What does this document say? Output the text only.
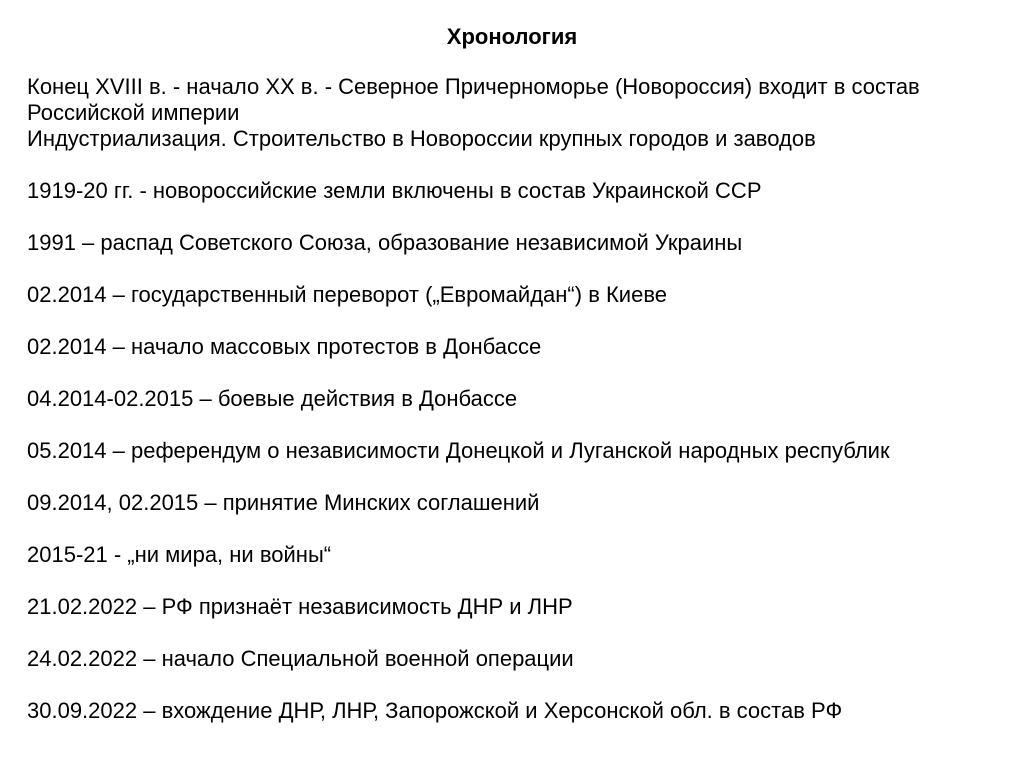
Хронология
Конец XVIII в. - начало XX в. - Северное Причерноморье (Новороссия) входит в состав
Российской империи
Индустриализация. Строительство в Новороссии крупных городов и заводов
1919-20 гг. - новороссийские земли включены в состав Украинской ССР
1991 – распад Советского Союза, образование независимой Украины
02.2014 – государственный переворот („Евромайдан“) в Киеве
02.2014 – начало массовых протестов в Донбассе
04.2014-02.2015 – боевые действия в Донбассе
05.2014 – референдум о независимости Донецкой и Луганской народных республик
09.2014, 02.2015 – принятие Минских соглашений
2015-21 - „ни мира, ни войны“
21.02.2022 – РФ признаёт независимость ДНР и ЛНР
24.02.2022 – начало Специальной военной операции
30.09.2022 – вхождение ДНР, ЛНР, Запорожской и Херсонской обл. в состав РФ
